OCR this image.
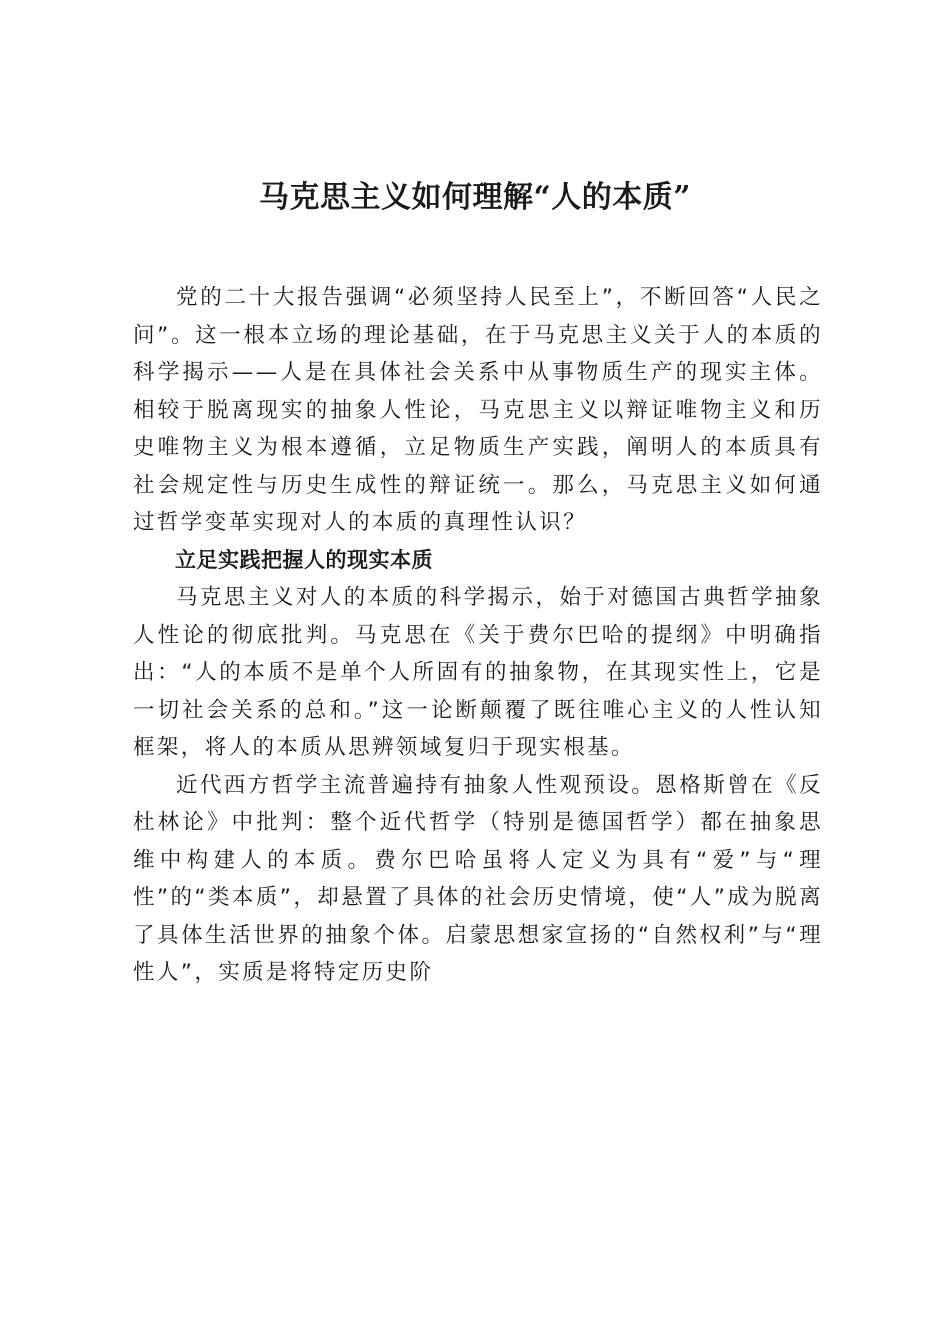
马克思主义如何理解“人的本质”

党的二十大报告强调“必须坚持人民至上”，不断回答“人民之问”。这一根本立场的理论基础，在于马克思主义关于人的本质的科学揭示——人是在具体社会关系中从事物质生产的现实主体。相较于脱离现实的抽象人性论，马克思主义以辩证唯物主义和历史唯物主义为根本遵循，立足物质生产实践，阐明人的本质具有社会规定性与历史生成性的辩证统一。那么，马克思主义如何通过哲学变革实现对人的本质的真理性认识？

立足实践把握人的现实本质

马克思主义对人的本质的科学揭示，始于对德国古典哲学抽象人性论的彻底批判。马克思在《关于费尔巴哈的提纲》中明确指出：“人的本质不是单个人所固有的抽象物，在其现实性上，它是一切社会关系的总和。”这一论断颠覆了既往唯心主义的人性认知框架，将人的本质从思辨领域复归于现实根基。

近代西方哲学主流普遍持有抽象人性观预设。恩格斯曾在《反杜林论》中批判：整个近代哲学（特别是德国哲学）都在抽象思维中构建人的本质。费尔巴哈虽将人定义为具有“爱”与“理性”的“类本质”，却悬置了具体的社会历史情境，使“人”成为脱离了具体生活世界的抽象个体。启蒙思想家宣扬的“自然权利”与“理性人”，实质是将特定历史阶
